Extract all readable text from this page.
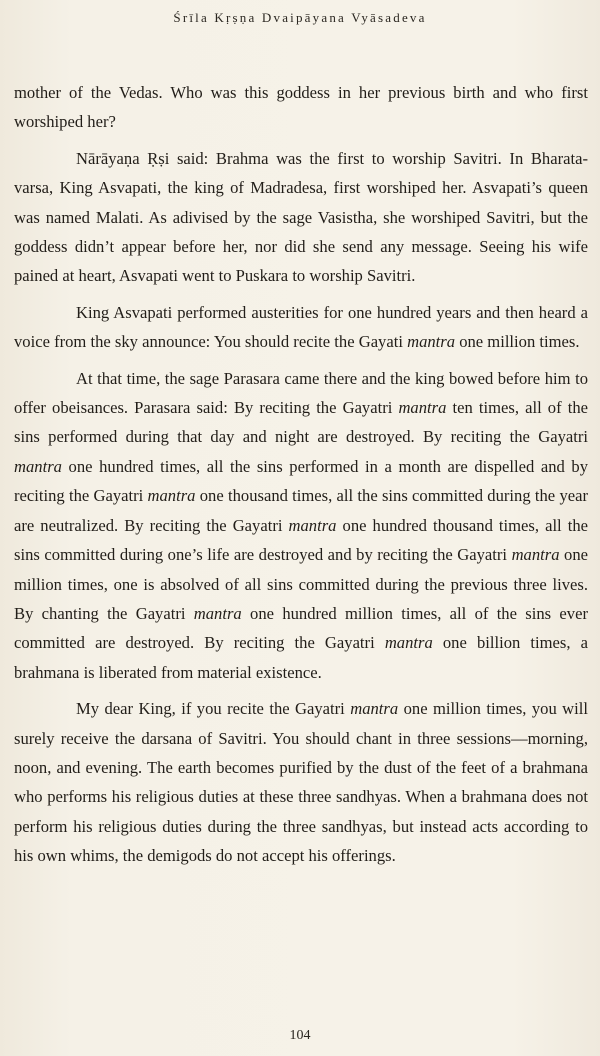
Śrīla Kṛṣṇa Dvaipāyana Vyāsadeva

mother of the Vedas. Who was this goddess in her previous birth and who first worshiped her?

Nārāyaṇa Ṛṣi said: Brahma was the first to worship Savitri. In Bharata-varsa, King Asvapati, the king of Madradesa, first worshiped her. Asvapati’s queen was named Malati. As adivised by the sage Vasistha, she worshiped Savitri, but the goddess didn’t appear before her, nor did she send any message. Seeing his wife pained at heart, Asvapati went to Puskara to worship Savitri.

King Asvapati performed austerities for one hundred years and then heard a voice from the sky announce: You should recite the Gayati mantra one million times.

At that time, the sage Parasara came there and the king bowed before him to offer obeisances. Parasara said: By reciting the Gayatri mantra ten times, all of the sins performed during that day and night are destroyed. By reciting the Gayatri mantra one hundred times, all the sins performed in a month are dispelled and by reciting the Gayatri mantra one thousand times, all the sins committed during the year are neutralized. By reciting the Gayatri mantra one hundred thousand times, all the sins committed during one’s life are destroyed and by reciting the Gayatri mantra one million times, one is absolved of all sins committed during the previous three lives. By chanting the Gayatri mantra one hundred million times, all of the sins ever committed are destroyed. By reciting the Gayatri mantra one billion times, a brahmana is liberated from material existence.

My dear King, if you recite the Gayatri mantra one million times, you will surely receive the darsana of Savitri. You should chant in three sessions—morning, noon, and evening. The earth becomes purified by the dust of the feet of a brahmana who performs his religious duties at these three sandhyas. When a brahmana does not perform his religious duties during the three sandhyas, but instead acts according to his own whims, the demigods do not accept his offerings.

104
